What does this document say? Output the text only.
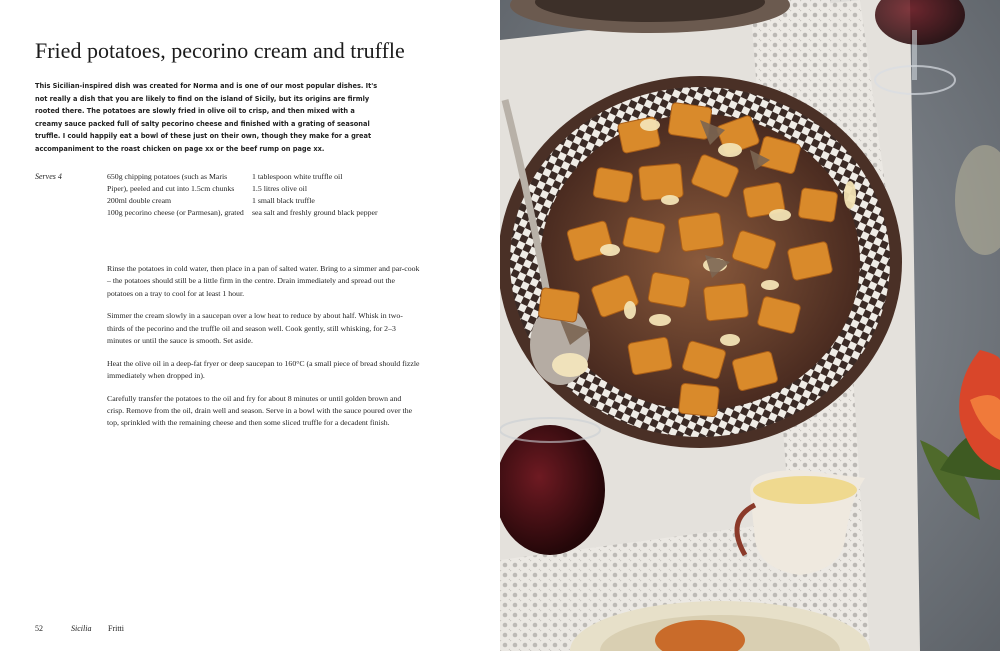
Fried potatoes, pecorino cream and truffle

This Sicilian-inspired dish was created for Norma and is one of our most popular dishes. It's not really a dish that you are likely to find on the island of Sicily, but its origins are firmly rooted there. The potatoes are slowly fried in olive oil to crisp, and then mixed with a creamy sauce packed full of salty pecorino cheese and finished with a grating of seasonal truffle. I could happily eat a bowl of these just on their own, though they make for a great accompaniment to the roast chicken on page xx or the beef rump on page xx.

Serves 4	650g chipping potatoes (such as Maris Piper), peeled and cut into 1.5cm chunks
200ml double cream
100g pecorino cheese (or Parmesan), grated
1 tablespoon white truffle oil
1.5 litres olive oil
1 small black truffle
sea salt and freshly ground black pepper

Rinse the potatoes in cold water, then place in a pan of salted water. Bring to a simmer and par-cook – the potatoes should still be a little firm in the centre. Drain immediately and spread out the potatoes on a tray to cool for at least 1 hour.

Simmer the cream slowly in a saucepan over a low heat to reduce by about half. Whisk in two-thirds of the pecorino and the truffle oil and season well. Cook gently, still whisking, for 2–3 minutes or until the sauce is smooth. Set aside.

Heat the olive oil in a deep-fat fryer or deep saucepan to 160°C (a small piece of bread should fizzle immediately when dropped in).

Carefully transfer the potatoes to the oil and fry for about 8 minutes or until golden brown and crisp. Remove from the oil, drain well and season. Serve in a bowl with the sauce poured over the top, sprinkled with the remaining cheese and then some sliced truffle for a decadent finish.

52	Sicilia Fritti
